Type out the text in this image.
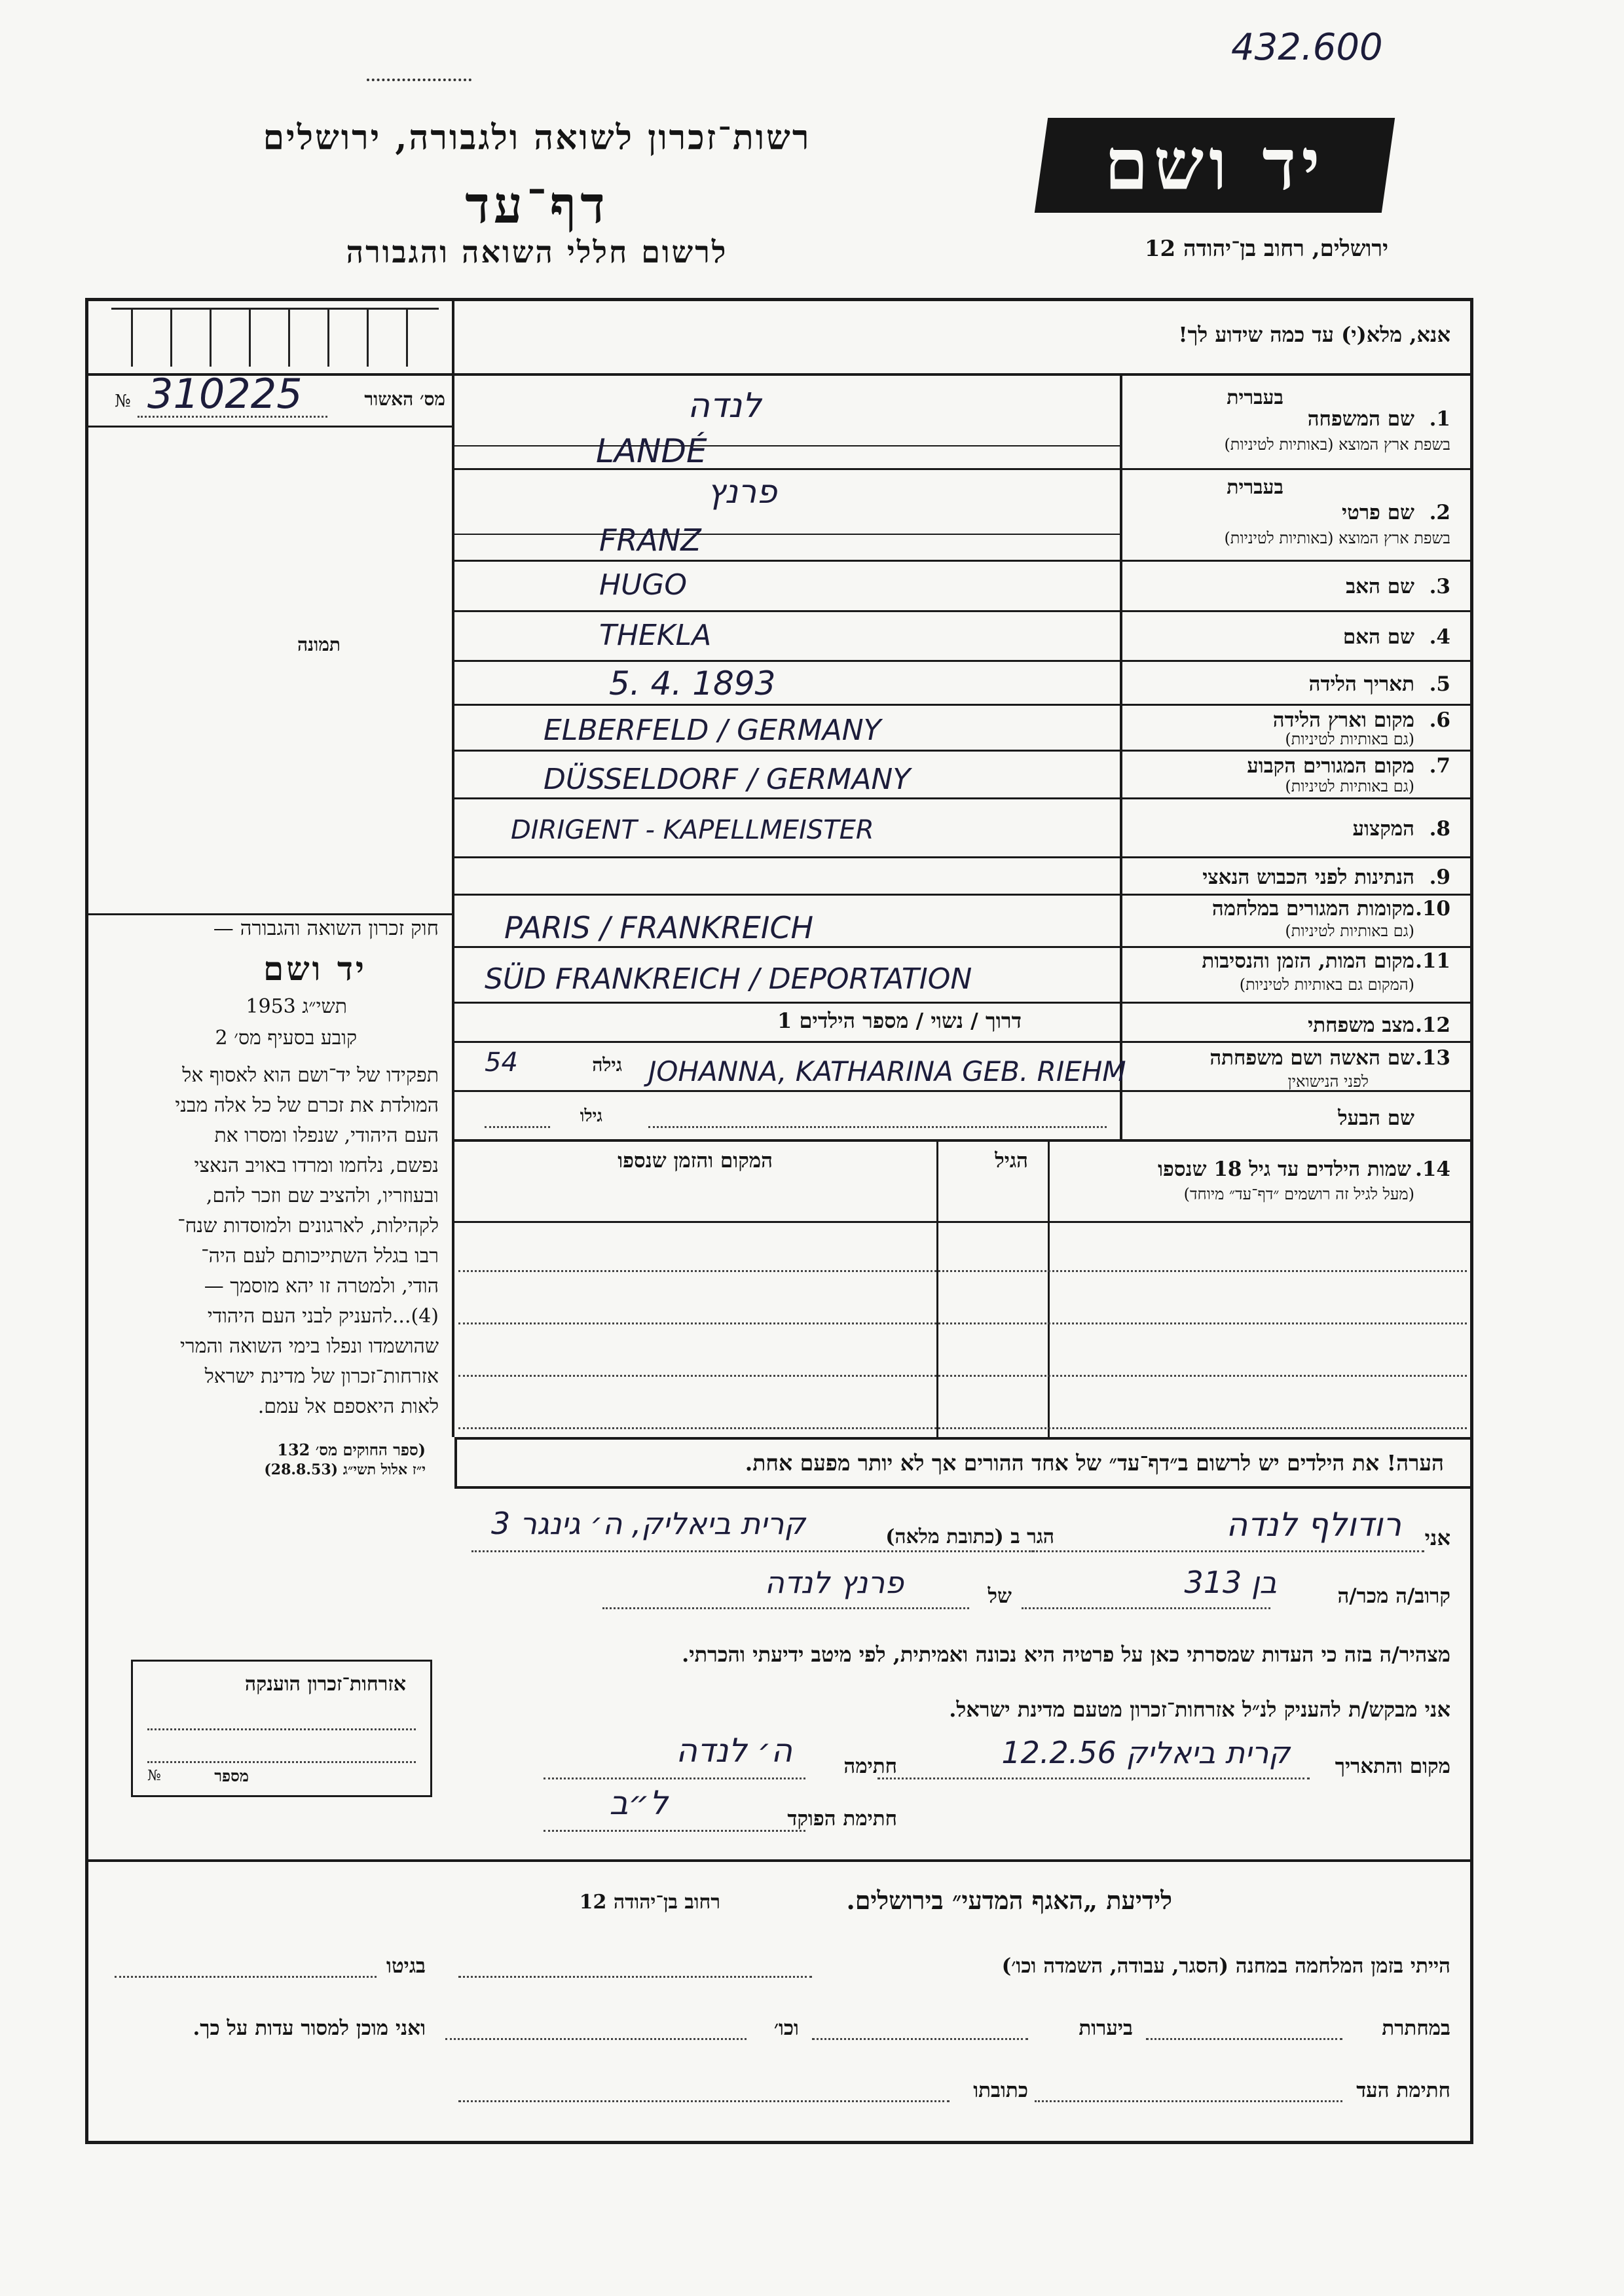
432.600
רשות־זכרון לשואה ולגבורה, ירושלים
דף־עד
לרשום חללי השואה והגבורה
יד ושם
ירושלים, רחוב בן־יהודה 12
אנא, מלא(י) עד כמה שידוע לך!
№ 310225	מס׳ האשור
תמונה
בעברית
1.
שם המשפחה
בשפת ארץ המוצא (באותיות לטיניות)
לנדה
LANDÉ
בעברית
2.
שם פרטי
בשפת ארץ המוצא (באותיות לטיניות)
פרנץ
FRANZ
3.
שם האב
HUGO
4.
שם האם
THEKLA
5.
תאריך הלידה
5. 4. 1893
6.
מקום וארץ הלידה
(גם באותיות לטיניות)
ELBERFELD / GERMANY
7.
מקום המגורים הקבוע
(גם באותיות לטיניות)
DÜSSELDORF / GERMANY
8.
המקצוע
DIRIGENT - KAPELLMEISTER
9.
הנתינות לפני הכבוש הנאצי
10.
מקומות המגורים במלחמה
(גם באותיות לטיניות)
PARIS / FRANKREICH
11.
מקום המות, הזמן והנסיבות
(המקום גם באותיות לטיניות)
SÜD FRANKREICH / DEPORTATION
12.
מצב משפחתי
דרוך / נשוי / מספר הילדים 1
13.
שם האשה ושם משפחתה
לפני הנישואין
54	גילה JOHANNA, KATHARINA GEB. RIEHM
שם הבעל
גילו
14.
שמות הילדים עד גיל 18 שנספו
(מעל לגיל זה רושמים ״דף־עד״ מיוחד)
הגיל
המקום והזמן שנספו
חוק זכרון השואה והגבורה —
יד ושם
תשי״ג 1953
קובע בסעיף מס׳ 2
תפקידו של יד־ושם הוא לאסוף אל
המולדת את זכרם של כל אלה מבני
העם היהודי, שנפלו ומסרו את
נפשם, נלחמו ומרדו באויב הנאצי
ובעוזריו, ולהציב שם וזכר להם,
לקהילות, לארגונים ולמוסדות שנח־
רבו בגלל השתייכותם לעם היה־
הודי, ולמטרה זו יהא מוסמך —
(4)...להעניק לבני העם היהודי
שהושמדו ונפלו בימי השואה והמרי
אזרחות־זכרון של מדינת ישראל
לאות היאספם אל עמם.
(ספר החוקים מס׳ 132
י״ז אלול תשי״ג (28.8.53)	הערה! את הילדים יש לרשום ב״דף־עד״ של אחד ההורים אך לא יותר מפעם אחת.
אני
רודולף לנדה
הגר ב (כתובת מלאה)
קרית ביאליק, ה׳ גינגר 3
קרוב/ה מכר/ה
בן 313
של
פרנץ לנדה
מצהיר/ה בזה כי העדות שמסרתי כאן על פרטיה היא נכונה ואמיתית, לפי מיטב ידיעתי והכרתי.
אני מבקש/ת להעניק לנ״ל אזרחות־זכרון מטעם מדינת ישראל.
מקום והתאריך
קרית ביאליק 12.2.56
חתימה
ה׳ לנדה
חתימת הפוקד
ל״ב
אזרחות־זכרון הוענקה
מספר
№
לידיעת „האגף המדעי״ בירושלים.
רחוב בן־יהודה 12
הייתי בזמן המלחמה במחנה (הסגר, עבודה, השמדה וכו׳)
בגיטו
במחתרת
ביערות
וכו׳
ואני מוכן למסור עדות על כך.
חתימת העד
כתובתו
